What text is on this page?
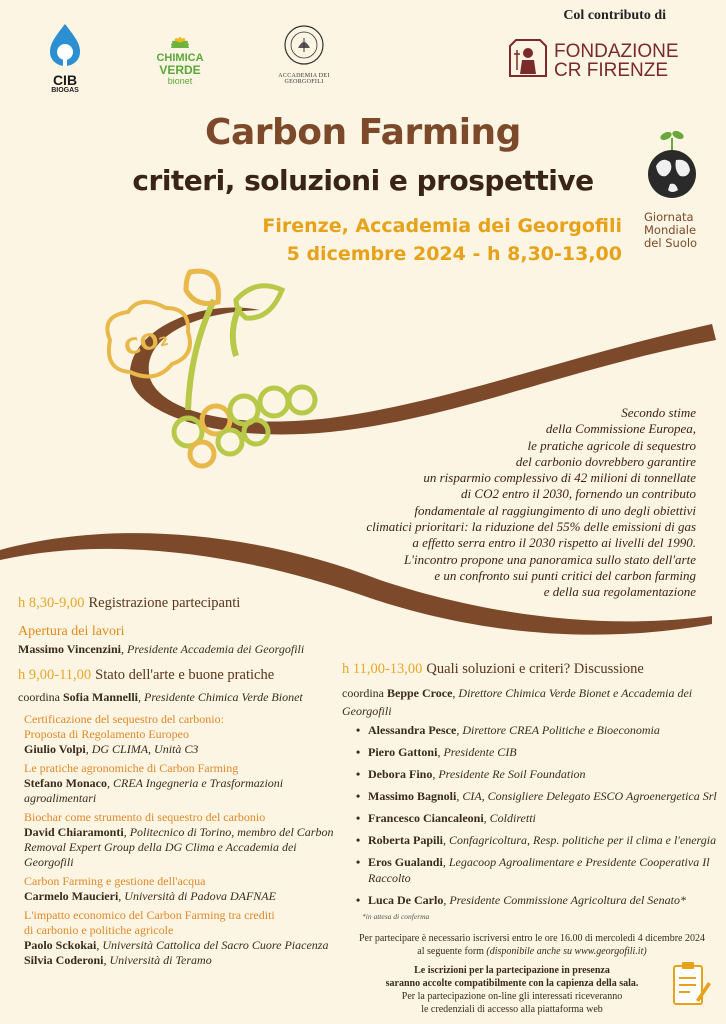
CIB
BIOGAS
CHIMICA
VERDE
bionet	ACCADEMIA DEI GEORGOFILI
Col contributo di
FONDAZIONE
CR FIRENZE
Carbon Farming
criteri, soluzioni e prospettive
Firenze, Accademia dei Georgofili
5 dicembre 2024 - h 8,30-13,00
Giornata
Mondiale
del Suolo
CO₂
Secondo stime
della Commissione Europea,
le pratiche agricole di sequestro
del carbonio dovrebbero garantire
un risparmio complessivo di 42 milioni di tonnellate
di CO2 entro il 2030, fornendo un contributo
fondamentale al raggiungimento di uno degli obiettivi
climatici prioritari: la riduzione del 55% delle emissioni di gas
a effetto serra entro il 2030 rispetto ai livelli del 1990.
L'incontro propone una panoramica sullo stato dell'arte
e un confronto sui punti critici del carbon farming
e della sua regolamentazione
h 8,30-9,00 Registrazione partecipanti
Apertura dei lavori
Massimo Vincenzini, Presidente Accademia dei Georgofili
h 9,00-11,00 Stato dell'arte e buone pratiche
coordina Sofia Mannelli, Presidente Chimica Verde Bionet
Certificazione del sequestro del carbonio:
Proposta di Regolamento Europeo
Giulio Volpi, DG CLIMA, Unità C3
Le pratiche agronomiche di Carbon Farming
Stefano Monaco, CREA Ingegneria e Trasformazioni agroalimentari
Biochar come strumento di sequestro del carbonio
David Chiaramonti, Politecnico di Torino, membro del Carbon Removal Expert Group della DG Clima e Accademia dei Georgofili
Carbon Farming e gestione dell'acqua
Carmelo Maucieri, Università di Padova DAFNAE
L'impatto economico del Carbon Farming tra crediti
di carbonio e politiche agricole
Paolo Sckokai, Università Cattolica del Sacro Cuore Piacenza
Silvia Coderoni, Università di Teramo
h 11,00-13,00 Quali soluzioni e criteri? Discussione
coordina Beppe Croce, Direttore Chimica Verde Bionet e Accademia dei Georgofili
• Alessandra Pesce, Direttore CREA Politiche e Bioeconomia
• Piero Gattoni, Presidente CIB
• Debora Fino, Presidente Re Soil Foundation
• Massimo Bagnoli, CIA, Consigliere Delegato ESCO Agroenergetica Srl
• Francesco Ciancaleoni, Coldiretti
• Roberta Papili, Confagricoltura, Resp. politiche per il clima e l'energia
• Eros Gualandi, Legacoop Agroalimentare e Presidente Cooperativa Il Raccolto
• Luca De Carlo, Presidente Commissione Agricoltura del Senato*
*in attesa di conferma
Per partecipare è necessario iscriversi entro le ore 16.00 di mercoledì 4 dicembre 2024
al seguente form (disponibile anche su www.georgofili.it)
Le iscrizioni per la partecipazione in presenza
saranno accolte compatibilmente con la capienza della sala.
Per la partecipazione on-line gli interessati riceveranno
le credenziali di accesso alla piattaforma web
